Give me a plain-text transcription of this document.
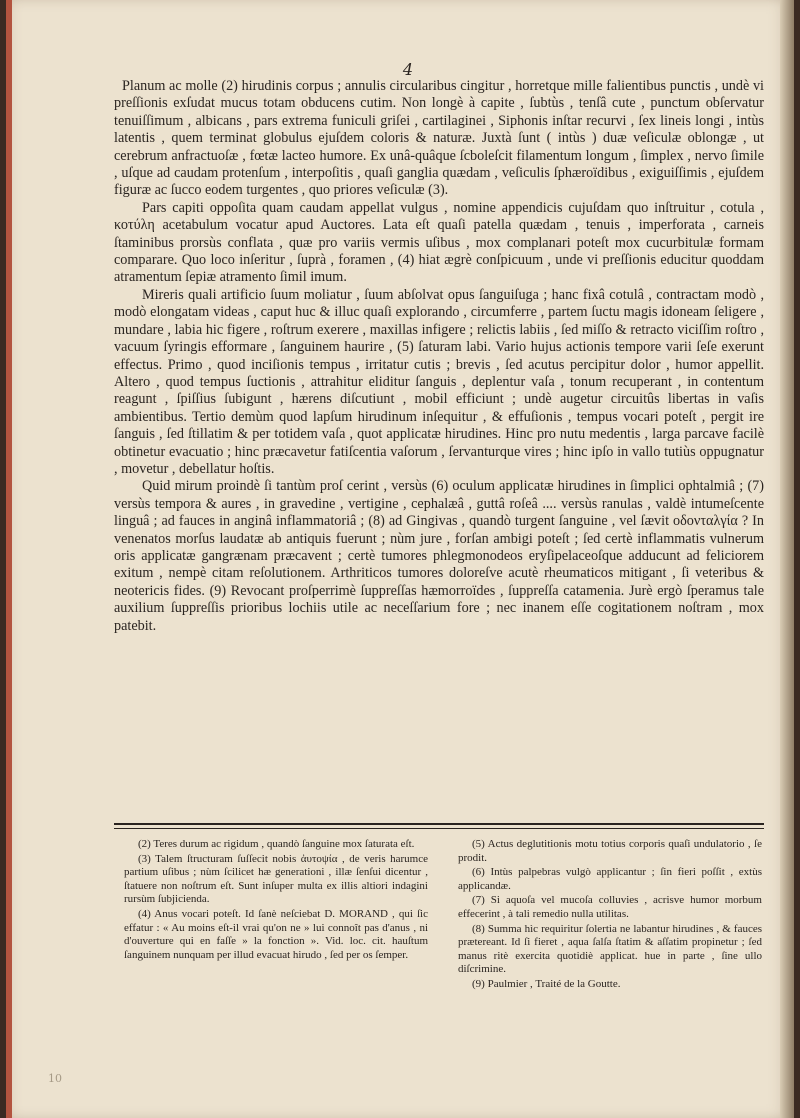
4

Planum ac molle (2) hirudinis corpus ; annulis circularibus cingitur , horretque mille falientibus punctis , undè vi preſſionis exſudat mucus totam obducens cutim. Non longè à capite , ſubtùs , tenſâ cute , punctum obſervatur tenuiſſimum , albicans , pars extrema funiculi griſei , cartilaginei , Siphonis inſtar recurvi , ſex lineis longi , intùs latentis , quem terminat globulus ejuſdem coloris & naturæ. Juxtà ſunt ( intùs ) duæ veſiculæ oblongæ , ut cerebrum anfractuoſæ , fœtæ lacteo humore. Ex unâ-quâque ſcboleſcit filamentum longum , ſimplex , nervo ſimile , uſque ad caudam protenſum , interpoſitis , quaſi ganglia quædam , veſiculis ſphæroïdibus , exiguiſſimis , ejuſdem figuræ ac ſucco eodem turgentes , quo priores veſiculæ (3).

Pars capiti oppoſita quam caudam appellat vulgus , nomine appendicis cujuſdam quo inſtruitur , cotula , κοτύλη acetabulum vocatur apud Auctores. Lata eſt quaſi patella quædam , tenuis , imperforata , carneis ſtaminibus prorsùs conflata , quæ pro variis vermis uſibus , mox complanari poteſt mox cucurbitulæ formam comparare. Quo loco inſeritur , ſuprà , foramen , (4) hiat ægrè conſpicuum , unde vi preſſionis educitur quoddam atramentum ſepiæ atramento ſimil imum.

Mireris quali artificio ſuum moliatur , ſuum abſolvat opus ſanguiſuga ; hanc fixâ cotulâ , contractam modò , modò elongatam videas , caput huc & illuc quaſi explorando , circumferre , partem ſuctu magis idoneam ſeligere , mundare , labia hic figere , roſtrum exerere , maxillas infigere ; relictis labiis , ſed miſſo & retracto viciſſim roſtro , vacuum ſyringis efformare , ſanguinem haurire , (5) ſaturam labi. Vario hujus actionis tempore varii ſeſe exerunt effectus. Primo , quod inciſionis tempus , irritatur cutis ; brevis , ſed acutus percipitur dolor , humor appellit. Altero , quod tempus ſuctionis , attrahitur eliditur ſanguis , deplentur vaſa , tonum recuperant , in contentum reagunt , ſpiſſius ſubigunt , hærens diſcutiunt , mobil efficiunt ; undè augetur circuitûs libertas in vaſis ambientibus. Tertio demùm quod lapſum hirudinum inſequitur , & effuſionis , tempus vocari poteſt , pergit ire ſanguis , ſed ſtillatim & per totidem vaſa , quot applicatæ hirudines. Hinc pro nutu medentis , larga parcave facilè obtinetur evacuatio ; hinc præcavetur fatiſcentia vaſorum , ſervanturque vires ; hinc ipſo in vallo tutiùs oppugnatur , movetur , debellatur hoſtis.

Quid mirum proindè ſi tantùm proſ cerint , versùs (6) oculum applicatæ hirudines in ſimplici ophtalmiâ ; (7) versùs tempora & aures , in gravedine , vertigine , cephalæâ , guttâ roſeâ .... versùs ranulas , valdè intumeſcente linguâ ; ad fauces in anginâ inflammatoriâ ; (8) ad Gingivas , quandò turgent ſanguine , vel ſævit οδονταλγία ? In venenatos morſus laudatæ ab antiquis fuerunt ; nùm jure , forſan ambigi poteſt ; ſed certè inflammatis vulnerum oris applicatæ gangrænam præcavent ; certè tumores phlegmonodeos eryſipelaceoſque adducunt ad feliciorem exitum , nempè citam reſolutionem. Arthriticos tumores doloreſve acutè rheumaticos mitigant , ſi veteribus & neotericis fides. (9) Revocant proſperrimè ſuppreſſas hæmorroïdes , ſuppreſſa catamenia. Jurè ergò ſperamus tale auxilium ſuppreſſis prioribus lochiis utile ac neceſſarium fore ; nec inanem eſſe cogitationem noſtram , mox patebit.

(2) Teres durum ac rigidum , quandò ſanguine mox ſaturata eſt.

(3) Talem ſtructuram ſuſſecit nobis ἀυτοψία , de veris harumce partium uſibus ; nùm ſcilicet hæ generationi , illæ ſenſui dicentur , ſtatuere non noſtrum eſt. Sunt inſuper multa ex illis altiori indagini rursùm ſubjicienda.

(4) Anus vocari poteſt. Id ſanè neſciebat D. MORAND , qui ſic effatur : « Au moins eſt-il vrai qu'on ne » lui connoît pas d'anus , ni d'ouverture qui en faſſe » la fonction ». Vid. loc. cit. hauſtum ſanguinem nunquam per illud evacuat hirudo , ſed per os ſemper.

(5) Actus deglutitionis motu totius corporis quaſi undulatorio , ſe prodit.

(6) Intùs palpebras vulgò applicantur ; ſin fieri poſſit , extùs applicandæ.

(7) Si aquoſa vel mucoſa colluvies , acrisve humor morbum effecerint , à tali remedio nulla utilitas.

(8) Summa hìc requiritur ſolertia ne labantur hirudines , & fauces prætereant. Id ſi fieret , aqua ſalſa ſtatim & aſſatim propinetur ; ſed manus ritè exercita quotidiè applicat. hue in parte , ſine ullo diſcrimine.

(9) Paulmier , Traité de la Goutte.

10
